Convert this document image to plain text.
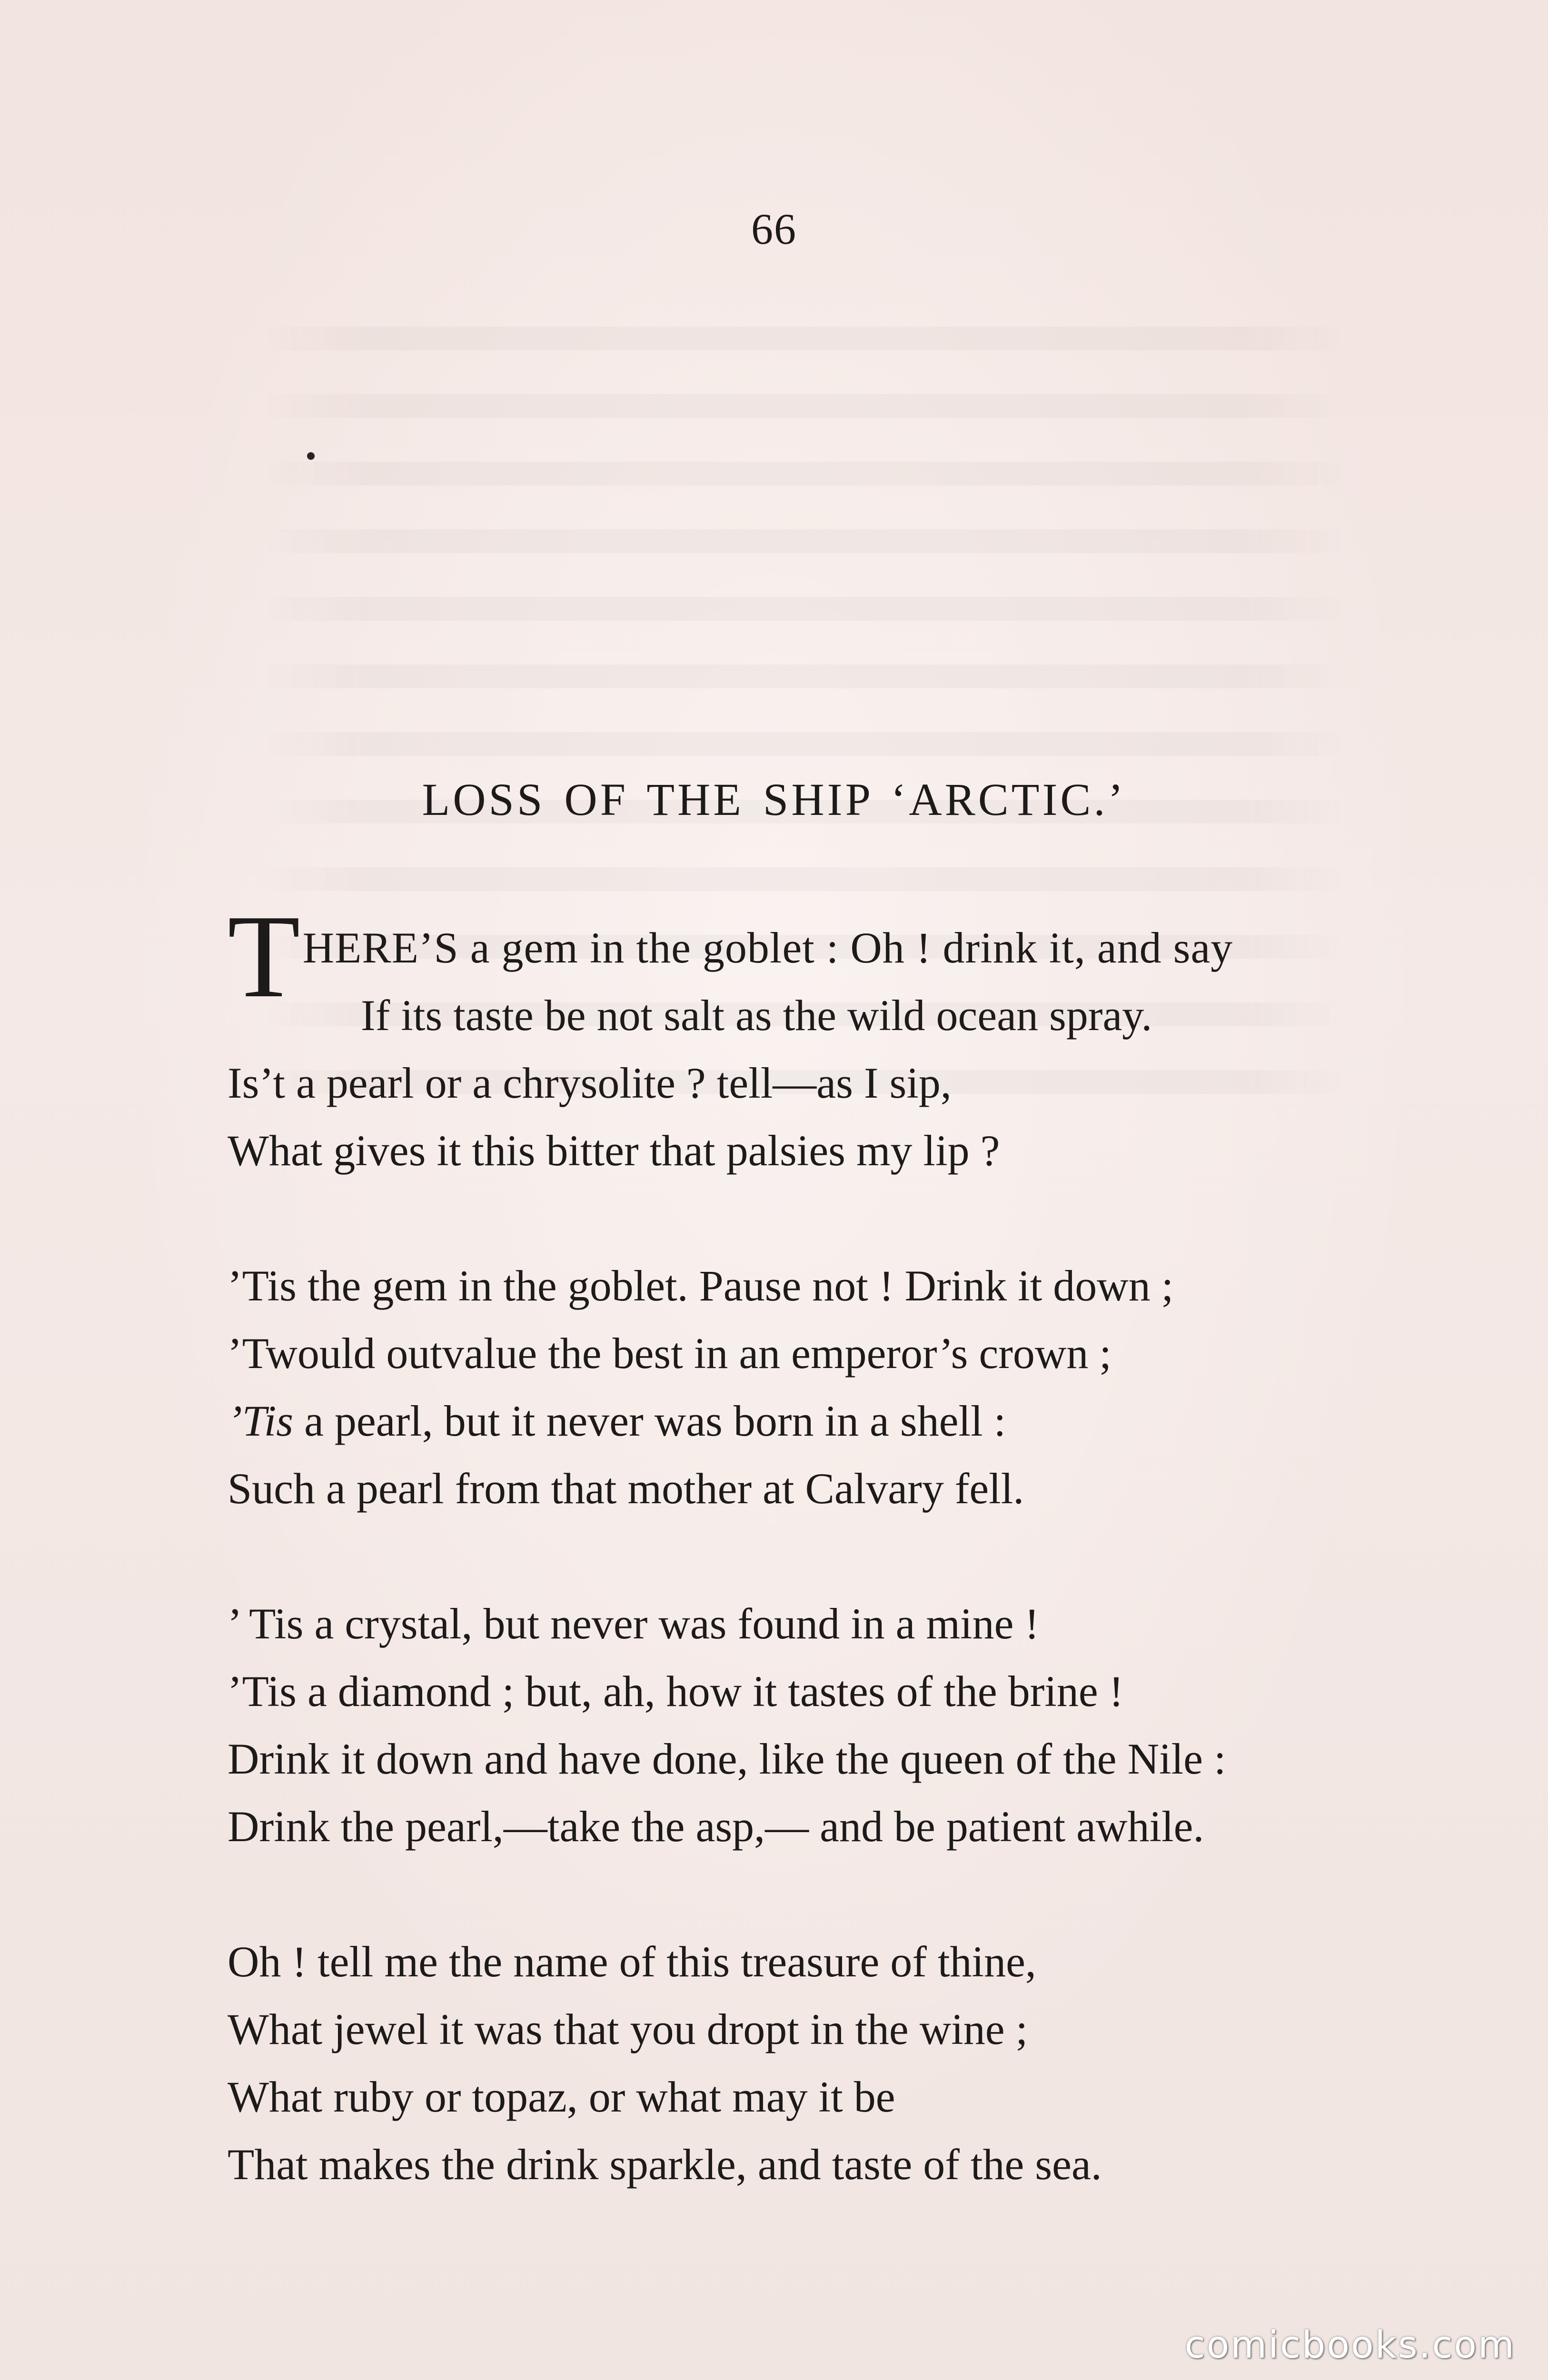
66
LOSS OF THE SHIP ‘ARCTIC.’
THERE’S a gem in the goblet : Oh ! drink it, and say
If its taste be not salt as the wild ocean spray.
Is’t a pearl or a chrysolite ? tell—as I sip,
What gives it this bitter that palsies my lip ?
’Tis the gem in the goblet. Pause not ! Drink it down ;
’Twould outvalue the best in an emperor’s crown ;
’Tis a pearl, but it never was born in a shell :
Such a pearl from that mother at Calvary fell.
’ Tis a crystal, but never was found in a mine !
’Tis a diamond ; but, ah, how it tastes of the brine !
Drink it down and have done, like the queen of the Nile :
Drink the pearl,—take the asp,— and be patient awhile.
Oh ! tell me the name of this treasure of thine,
What jewel it was that you dropt in the wine ;
What ruby or topaz, or what may it be
That makes the drink sparkle, and taste of the sea.
comicbooks.com
